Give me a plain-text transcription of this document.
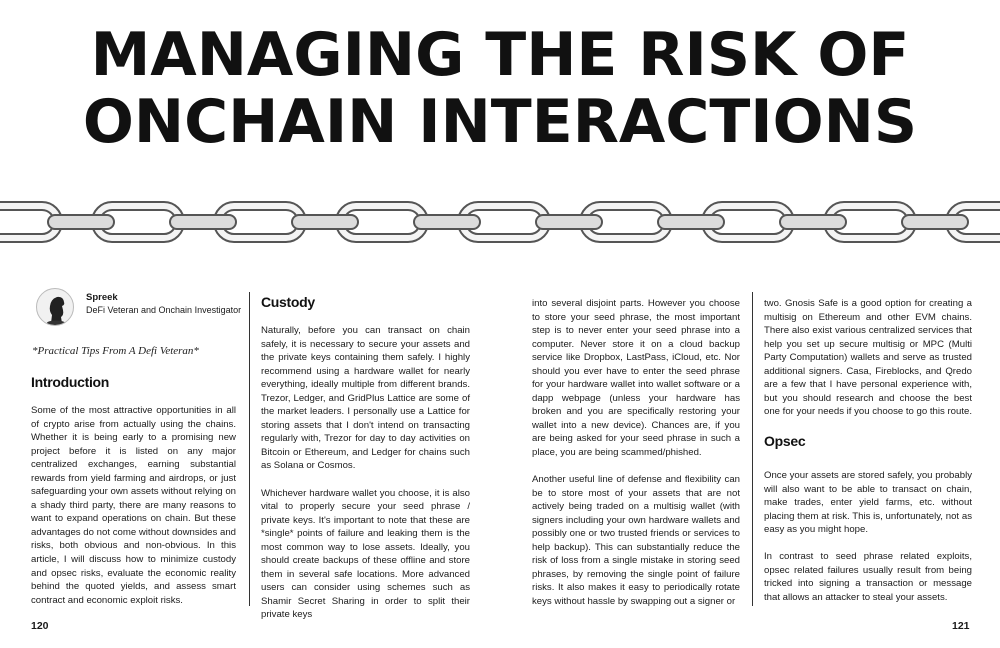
MANAGING THE RISK OF
ONCHAIN INTERACTIONS
Spreek
DeFi Veteran and Onchain Investigator
*Practical Tips From A Defi Veteran*
Introduction

Some of the most attractive opportunities in all of crypto arise from actually using the chains. Whether it is being early to a promising new project before it is listed on any major centralized exchanges, earning substantial rewards from yield farming and airdrops, or just safeguarding your own assets without relying on a shady third party, there are many reasons to want to expand operations on chain. But these advantages do not come without downsides and risks, both obvious and non-obvious. In this article, I will discuss how to minimize custody and opsec risks, evaluate the economic reality behind the quoted yields, and assess smart contract and economic exploit risks.

Custody

Naturally, before you can transact on chain safely, it is necessary to secure your assets and the private keys containing them safely. I highly recommend using a hardware wallet for nearly everything, ideally multiple from different brands. Trezor, Ledger, and GridPlus Lattice are some of the market leaders. I personally use a Lattice for storing assets that I don't intend on transacting regularly with, Trezor for day to day activities on Bitcoin or Ethereum, and Ledger for chains such as Solana or Cosmos.

Whichever hardware wallet you choose, it is also vital to properly secure your seed phrase / private keys. It's important to note that these are *single* points of failure and leaking them is the most common way to lose assets. Ideally, you should create backups of these offline and store them in several safe locations. More advanced users can consider using schemes such as Shamir Secret Sharing in order to split their private keys

into several disjoint parts. However you choose to store your seed phrase, the most important step is to never enter your seed phrase into a computer. Never store it on a cloud backup service like Dropbox, LastPass, iCloud, etc. Nor should you ever have to enter the seed phrase for your hardware wallet into wallet software or a dapp webpage (unless your hardware has broken and you are specifically restoring your wallet into a new device). Chances are, if you are being asked for your seed phrase in such a place, you are being scammed/phished.

Another useful line of defense and flexibility can be to store most of your assets that are not actively being traded on a multisig wallet (with signers including your own hardware wallets and possibly one or two trusted friends or services to help backup). This can substantially reduce the risk of loss from a single mistake in storing seed phrases, by removing the single point of failure risks. It also makes it easy to periodically rotate keys without hassle by swapping out a signer or

two. Gnosis Safe is a good option for creating a multisig on Ethereum and other EVM chains. There also exist various centralized services that help you set up secure multisig or MPC (Multi Party Computation) wallets and serve as trusted additional signers. Casa, Fireblocks, and Qredo are a few that I have personal experience with, but you should research and choose the best one for your needs if you choose to go this route.

Opsec

Once your assets are stored safely, you probably will also want to be able to transact on chain, make trades, enter yield farms, etc. without placing them at risk. This is, unfortunately, not as easy as you might hope.

In contrast to seed phrase related exploits, opsec related failures usually result from being tricked into signing a transaction or message that allows an attacker to steal your assets.

120	121
